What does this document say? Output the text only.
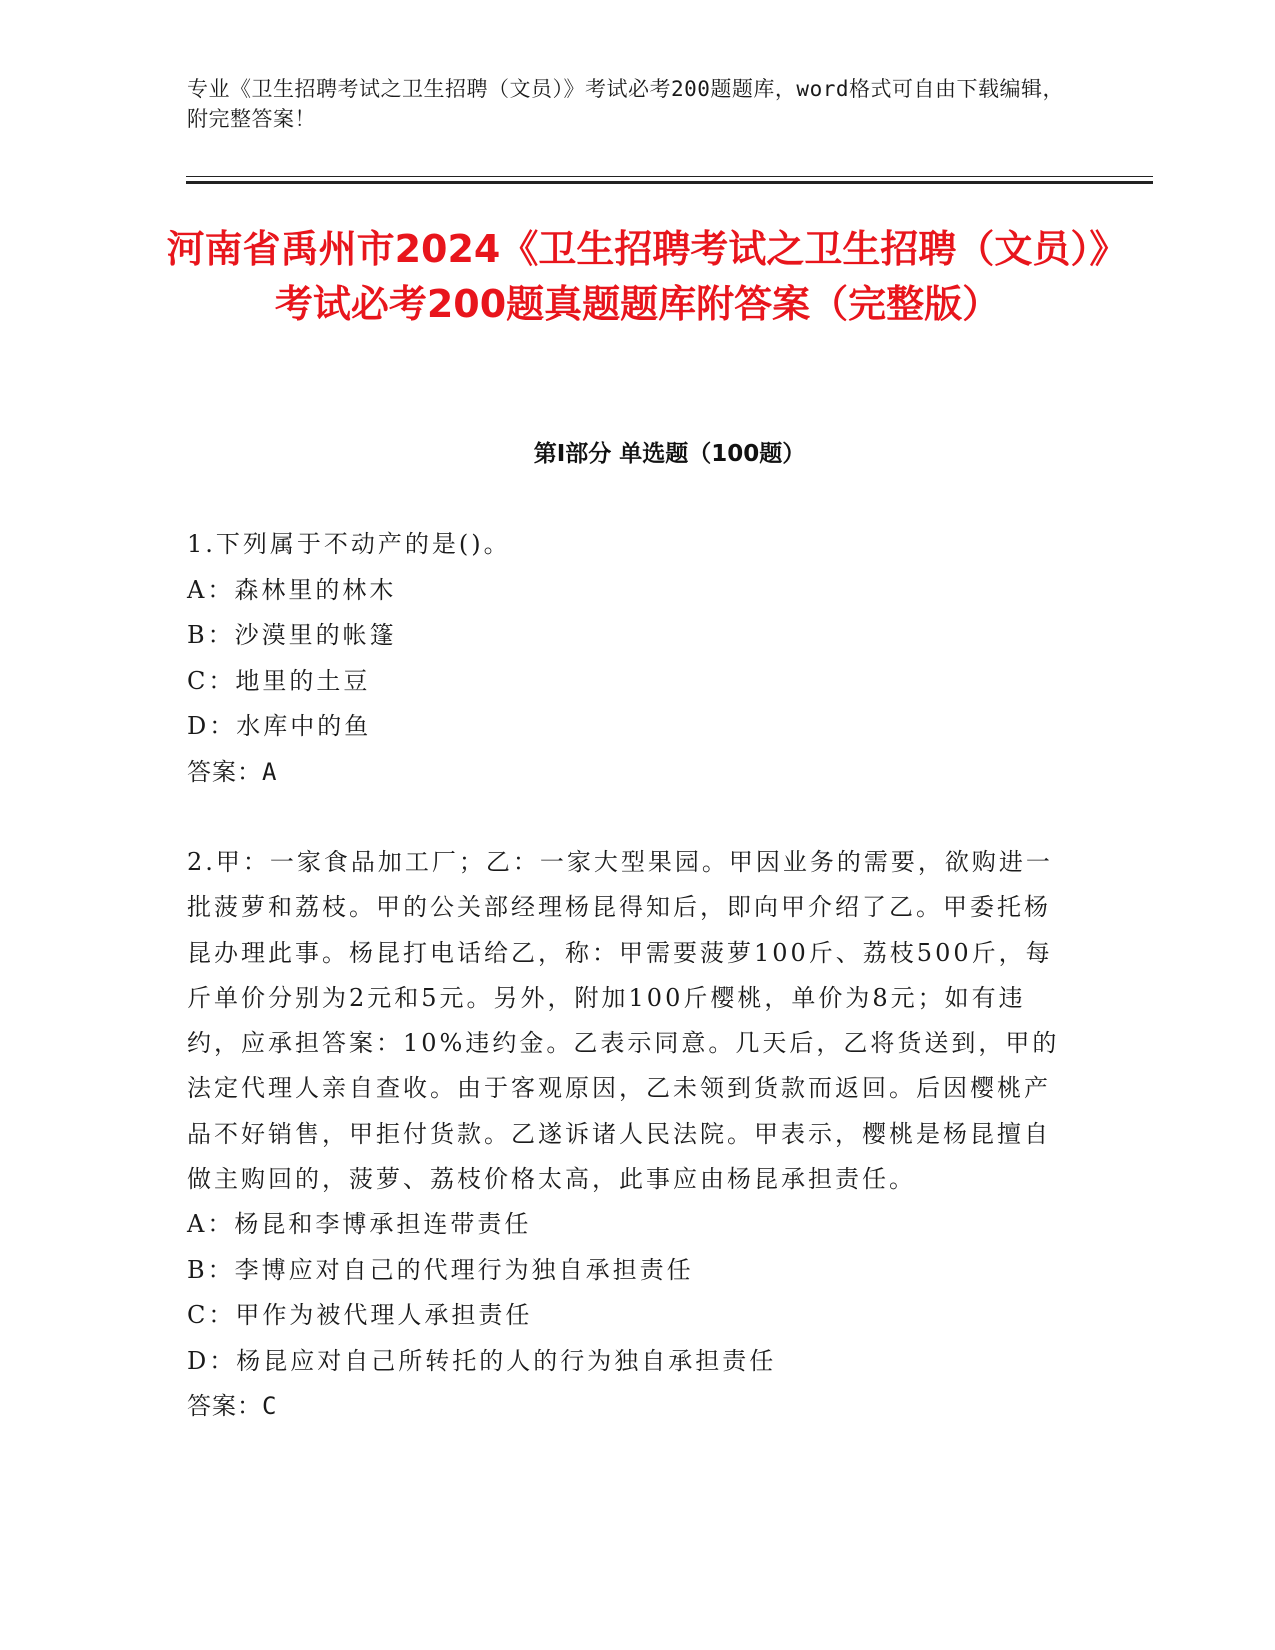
专业《卫生招聘考试之卫生招聘（文员）》考试必考200题题库，word格式可自由下载编辑，附完整答案！
河南省禹州市2024《卫生招聘考试之卫生招聘（文员）》考试必考200题真题题库附答案（完整版）
第Ⅰ部分 单选题（100题）
1.下列属于不动产的是()。
A：森林里的林木
B：沙漠里的帐篷
C：地里的土豆
D：水库中的鱼
答案：A
2.甲：一家食品加工厂；乙：一家大型果园。甲因业务的需要，欲购进一批菠萝和荔枝。甲的公关部经理杨昆得知后，即向甲介绍了乙。甲委托杨昆办理此事。杨昆打电话给乙，称：甲需要菠萝100斤、荔枝500斤，每斤单价分别为2元和5元。另外，附加100斤樱桃，单价为8元；如有违约，应承担答案：10%违约金。乙表示同意。几天后，乙将货送到，甲的法定代理人亲自查收。由于客观原因，乙未领到货款而返回。后因樱桃产品不好销售，甲拒付货款。乙遂诉诸人民法院。甲表示，樱桃是杨昆擅自做主购回的，菠萝、荔枝价格太高，此事应由杨昆承担责任。
A：杨昆和李博承担连带责任
B：李博应对自己的代理行为独自承担责任
C：甲作为被代理人承担责任
D：杨昆应对自己所转托的人的行为独自承担责任
答案：C
